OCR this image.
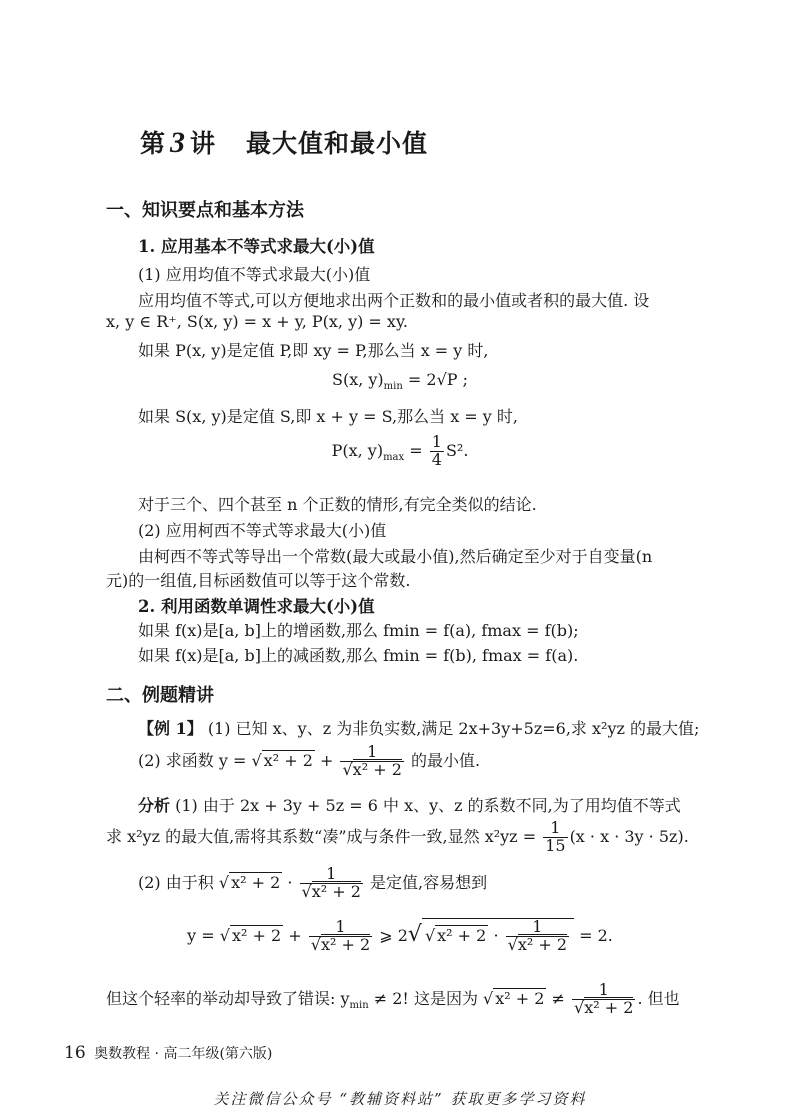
第 3 讲 最大值和最小值
一、知识要点和基本方法
1. 应用基本不等式求最大(小)值
(1) 应用均值不等式求最大(小)值
应用均值不等式,可以方便地求出两个正数和的最小值或者积的最大值. 设
x, y ∈ R⁺, S(x, y) = x + y, P(x, y) = xy.
如果 P(x, y)是定值 P,即 xy = P,那么当 x = y 时,
S(x, $y)_{min} = 2√P$ ;
如果 S(x, y)是定值 S,即 x + y = S,那么当 x = y 时,
P(x, $y)_{max} = \frac{1}{4} S^2$.
对于三个、四个甚至 n 个正数的情形,有完全类似的结论.
(2) 应用柯西不等式等求最大(小)值
由柯西不等式等导出一个常数(最大或最小值),然后确定至少对于自变量(n
元)的一组值,目标函数值可以等于这个常数.
2. 利用函数单调性求最大(小)值
如果 f(x)是[a, b]上的增函数,那么 fmin = f(a), fmax = f(b);
如果 f(x)是[a, b]上的减函数,那么 fmin = f(b), fmax = f(a).
二、例题精讲
【例 1】 (1) 已知 x、y、z 为非负实数,满足 2x+3y+5z=6,求 x²yz 的最大值;
(2) 求函数 y = √ $x^2 + 2 + \frac{1}{\text{√x² + 2}}$ 的最小值.
分析 (1) 由于 2x + 3y + 5z = 6 中 x、y、z 的系数不同,为了用均值不等式
求 x²yz 的最大值,需将其系数“凑”成与条件一致,显然 $x^2yz = \frac{1}{15} (x \cdot x \cdot 3y \cdot 5z)$.
(2) 由于积 √ $x^2 + 2 \cdot \frac{1}{\text{√x² + 2}}$ 是定值,容易想到
y = √ $x^2 + 2 + \frac{1}{\text{√x² + 2}}$ ⩾ 2√ √ $x^2 + 2 \cdot \frac{1}{\text{√x² + 2}} = 2$.
但这个轻率的举动却导致了错误: $y_{min} \ne 2$! 这是因为 √ $x^2 + 2 \ne \frac{1}{\text{√x² + 2}}$ . 但也
16 奥数教程 · 高二年级(第六版)
关注微信公众号 “教辅资料站” 获取更多学习资料
